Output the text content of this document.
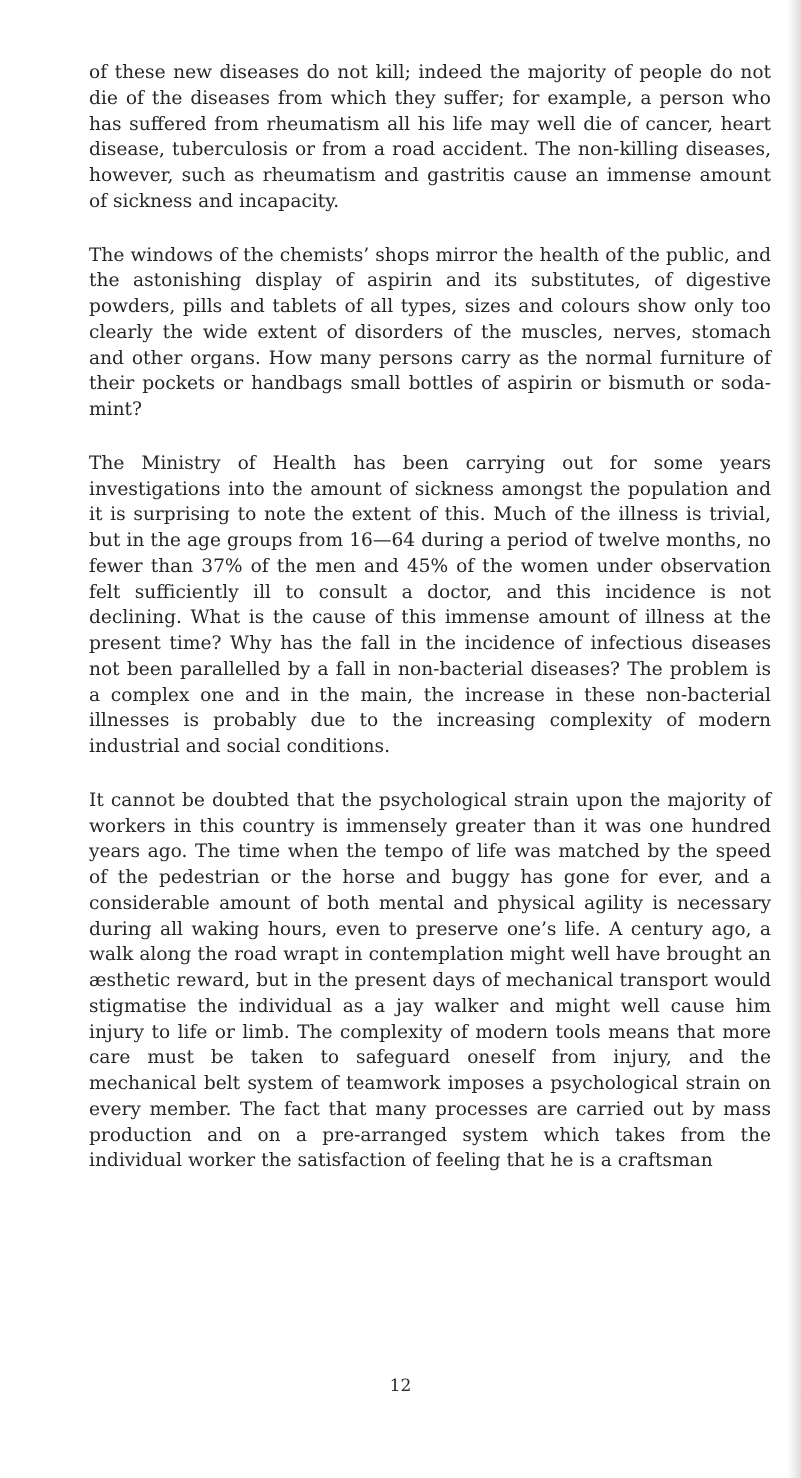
of these new diseases do not kill; indeed the majority of people do not die of the diseases from which they suffer; for example, a person who has suffered from rheumatism all his life may well die of cancer, heart disease, tuberculosis or from a road accident. The non-killing diseases, however, such as rheumatism and gastritis cause an immense amount of sickness and incapacity.

The windows of the chemists’ shops mirror the health of the public, and the astonishing display of aspirin and its substitutes, of digestive powders, pills and tablets of all types, sizes and colours show only too clearly the wide extent of disorders of the muscles, nerves, stomach and other organs. How many persons carry as the normal furniture of their pockets or handbags small bottles of aspirin or bismuth or soda-mint?

The Ministry of Health has been carrying out for some years investigations into the amount of sickness amongst the population and it is surprising to note the extent of this. Much of the illness is trivial, but in the age groups from 16—64 during a period of twelve months, no fewer than 37% of the men and 45% of the women under observation felt sufficiently ill to consult a doctor, and this incidence is not declining. What is the cause of this immense amount of illness at the present time? Why has the fall in the incidence of infectious diseases not been parallelled by a fall in non-bacterial diseases? The problem is a complex one and in the main, the increase in these non-bacterial illnesses is probably due to the increasing complexity of modern industrial and social conditions.

It cannot be doubted that the psychological strain upon the majority of workers in this country is immensely greater than it was one hundred years ago. The time when the tempo of life was matched by the speed of the pedestrian or the horse and buggy has gone for ever, and a considerable amount of both mental and physical agility is necessary during all waking hours, even to preserve one’s life. A century ago, a walk along the road wrapt in contemplation might well have brought an æsthetic reward, but in the present days of mechanical transport would stigmatise the individual as a jay walker and might well cause him injury to life or limb. The complexity of modern tools means that more care must be taken to safeguard oneself from injury, and the mechanical belt system of teamwork imposes a psychological strain on every member. The fact that many processes are carried out by mass production and on a pre-arranged system which takes from the individual worker the satisfaction of feeling that he is a craftsman

12
